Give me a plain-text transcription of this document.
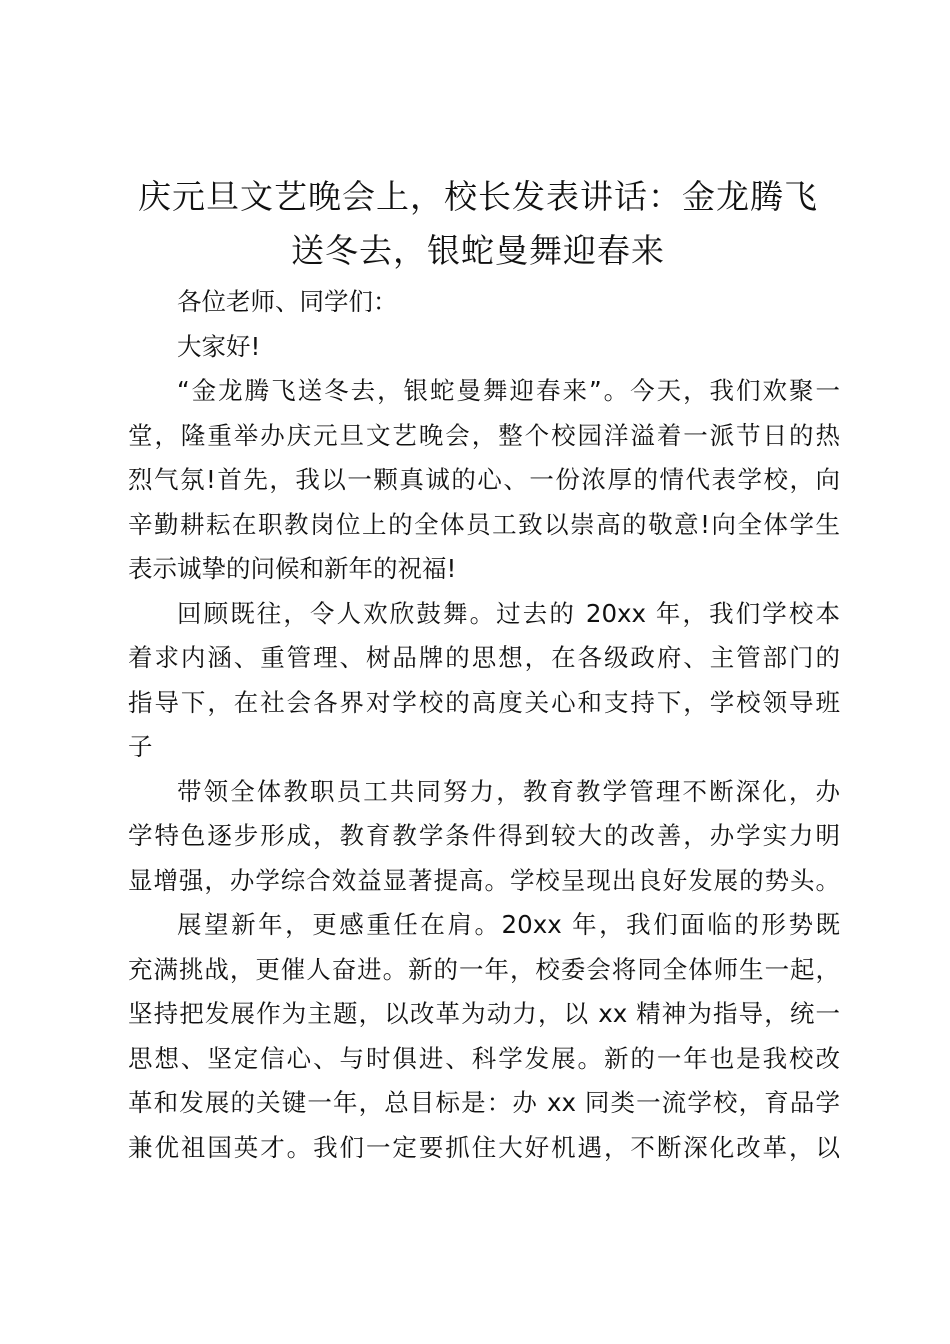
庆元旦文艺晚会上，校长发表讲话：金龙腾飞
送冬去，银蛇曼舞迎春来
各位老师、同学们：
大家好!
“金龙腾飞送冬去，银蛇曼舞迎春来”。今天，我们欢聚一
堂，隆重举办庆元旦文艺晚会，整个校园洋溢着一派节日的热
烈气氛!首先，我以一颗真诚的心、一份浓厚的情代表学校，向
辛勤耕耘在职教岗位上的全体员工致以崇高的敬意!向全体学生
表示诚挚的问候和新年的祝福!
回顾既往，令人欢欣鼓舞。过去的 20xx 年，我们学校本
着求内涵、重管理、树品牌的思想，在各级政府、主管部门的
指导下，在社会各界对学校的高度关心和支持下，学校领导班
子
带领全体教职员工共同努力，教育教学管理不断深化，办
学特色逐步形成，教育教学条件得到较大的改善，办学实力明
显增强，办学综合效益显著提高。学校呈现出良好发展的势头。
展望新年，更感重任在肩。20xx 年，我们面临的形势既
充满挑战，更催人奋进。新的一年，校委会将同全体师生一起，
坚持把发展作为主题，以改革为动力，以 xx 精神为指导，统一
思想、坚定信心、与时俱进、科学发展。新的一年也是我校改
革和发展的关键一年，总目标是：办 xx 同类一流学校，育品学
兼优祖国英才。我们一定要抓住大好机遇，不断深化改革，以
